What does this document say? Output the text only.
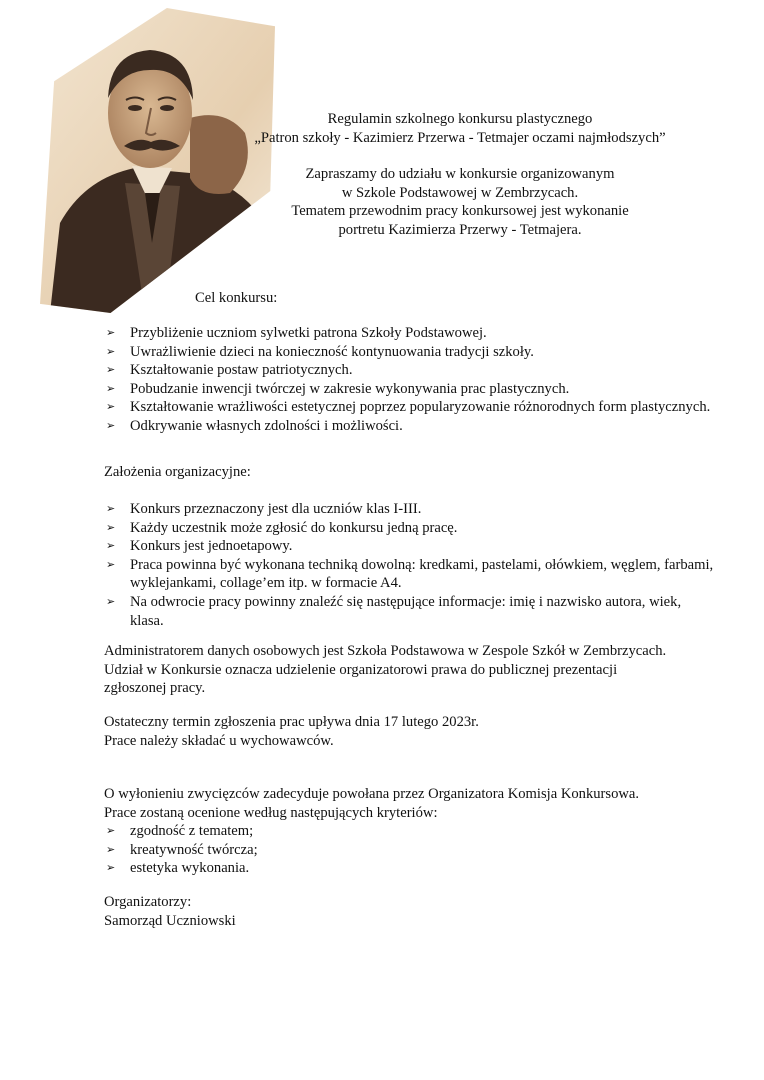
Regulamin szkolnego konkursu plastycznego

„Patron szkoły - Kazimierz Przerwa - Tetmajer oczami najmłodszych”

Zapraszamy do udziału w konkursie organizowanym

w Szkole Podstawowej w Zembrzycach.

Tematem przewodnim pracy konkursowej jest wykonanie

portretu Kazimierza Przerwy - Tetmajera.

Cel konkursu:
➢ Przybliżenie uczniom sylwetki patrona Szkoły Podstawowej.
➢ Uwrażliwienie dzieci na konieczność kontynuowania tradycji szkoły.
➢ Kształtowanie postaw patriotycznych.
➢ Pobudzanie inwencji twórczej w zakresie wykonywania prac plastycznych.
➢ Kształtowanie wrażliwości estetycznej poprzez popularyzowanie różnorodnych form plastycznych.
➢ Odkrywanie własnych zdolności i możliwości.
Założenia organizacyjne:
➢ Konkurs przeznaczony jest dla uczniów klas I-III.
➢ Każdy uczestnik może zgłosić do konkursu jedną pracę.
➢ Konkurs jest jednoetapowy.
➢ Praca powinna być wykonana techniką dowolną: kredkami, pastelami, ołówkiem, węglem, farbami, wyklejankami, collage’em itp. w formacie A4.
➢ Na odwrocie pracy powinny znaleźć się następujące informacje: imię i nazwisko autora, wiek, klasa.
Administratorem danych osobowych jest Szkoła Podstawowa w Zespole Szkół w Zembrzycach.
Udział w Konkursie oznacza udzielenie organizatorowi prawa do publicznej prezentacji zgłoszonej pracy.

Ostateczny termin zgłoszenia prac upływa dnia 17 lutego 2023r.

Prace należy składać u wychowawców.

O wyłonieniu zwycięzców zadecyduje powołana przez Organizatora Komisja Konkursowa.

Prace zostaną ocenione według następujących kryteriów:

➢ zgodność z tematem;
➢ kreatywność twórcza;
➢ estetyka wykonania.

Organizatorzy:

Samorząd Uczniowski
